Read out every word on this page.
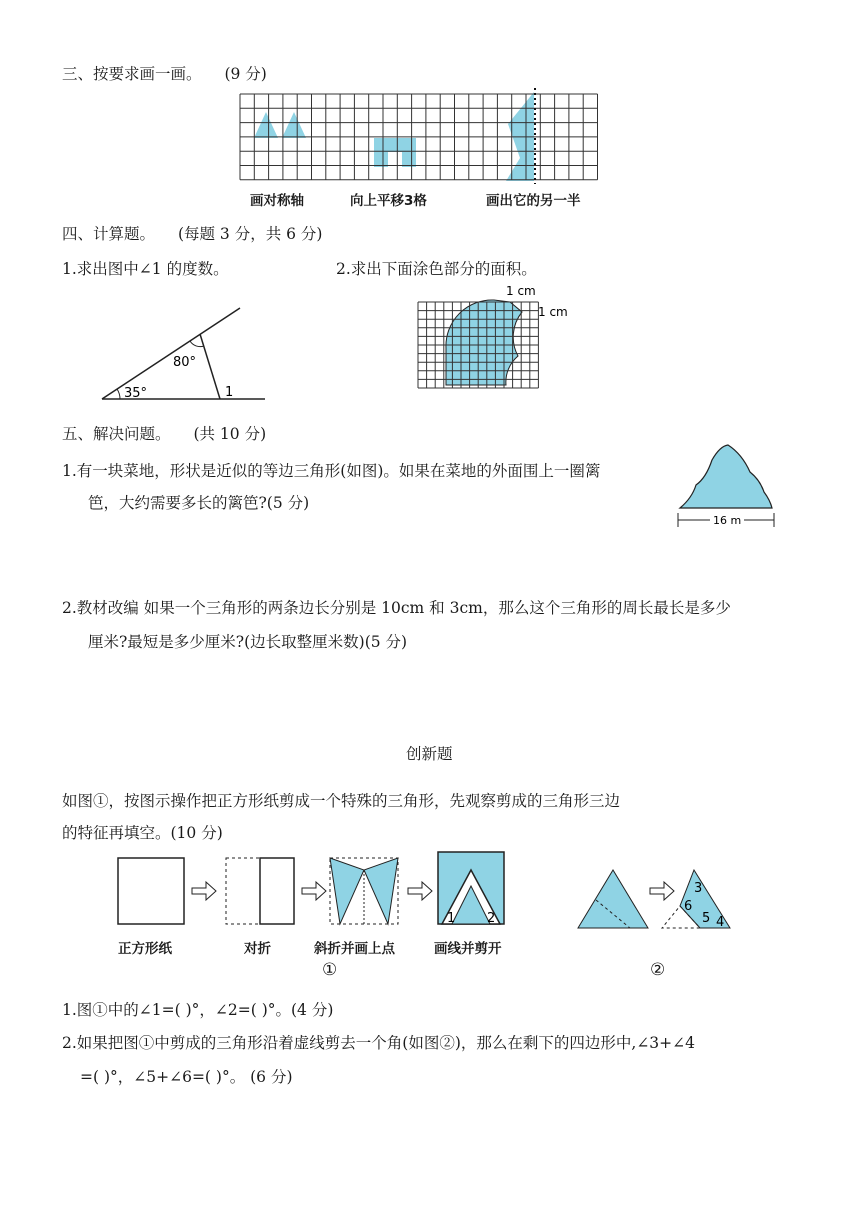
三、按要求画一画。 (9 分)
画对称轴	向上平移3格	画出它的另一半
四、计算题。 (每题 3 分，共 6 分)
1.求出图中∠1 的度数。	2.求出下面涂色部分的面积。
80°
35°	1
1 cm
1 cm
五、解决问题。 (共 10 分)
1.有一块菜地，形状是近似的等边三角形(如图)。如果在菜地的外面围上一圈篱
笆，大约需要多长的篱笆?(5 分)
16 m
2.教材改编 如果一个三角形的两条边长分别是 10cm 和 3cm，那么这个三角形的周长最长是多少
厘米?最短是多少厘米?(边长取整厘米数)(5 分)
创新题
如图①，按图示操作把正方形纸剪成一个特殊的三角形，先观察剪成的三角形三边
的特征再填空。(10 分)
1 2
3
6
5 4
正方形纸	对折	斜折并画上点	画线并剪开
①	②
1.图①中的∠1=( )°，∠2=( )°。(4 分)
2.如果把图①中剪成的三角形沿着虚线剪去一个角(如图②)，那么在剩下的四边形中,∠3+∠4
=( )°，∠5+∠6=( )°。 (6 分)
